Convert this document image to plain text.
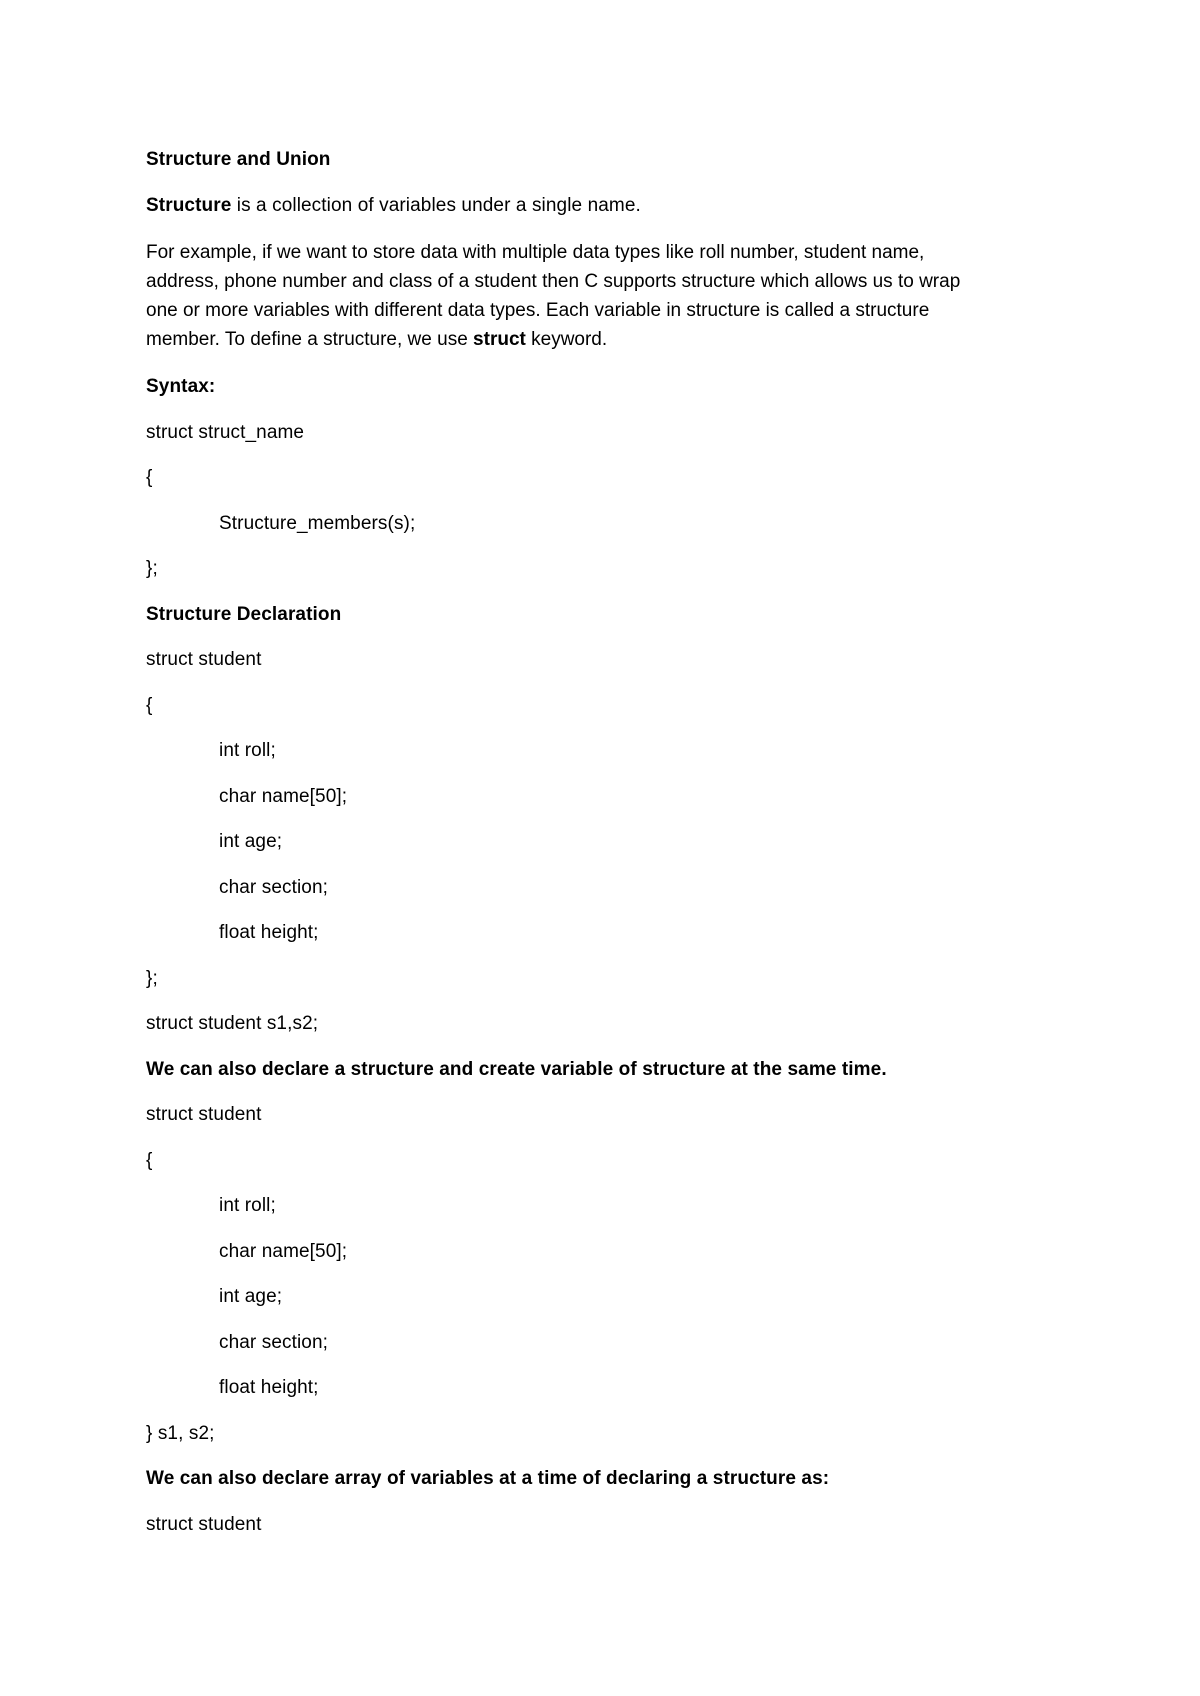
Structure and Union
Structure is a collection of variables under a single name.
For example, if we want to store data with multiple data types like roll number, student name,
address, phone number and class of a student then C supports structure which allows us to wrap
one or more variables with different data types. Each variable in structure is called a structure
member. To define a structure, we use struct keyword.
Syntax:
struct struct_name
{
Structure_members(s);
};
Structure Declaration
struct student
{
int roll;
char name[50];
int age;
char section;
float height;
};
struct student s1,s2;
We can also declare a structure and create variable of structure at the same time.
struct student
{
int roll;
char name[50];
int age;
char section;
float height;
} s1, s2;
We can also declare array of variables at a time of declaring a structure as:
struct student
